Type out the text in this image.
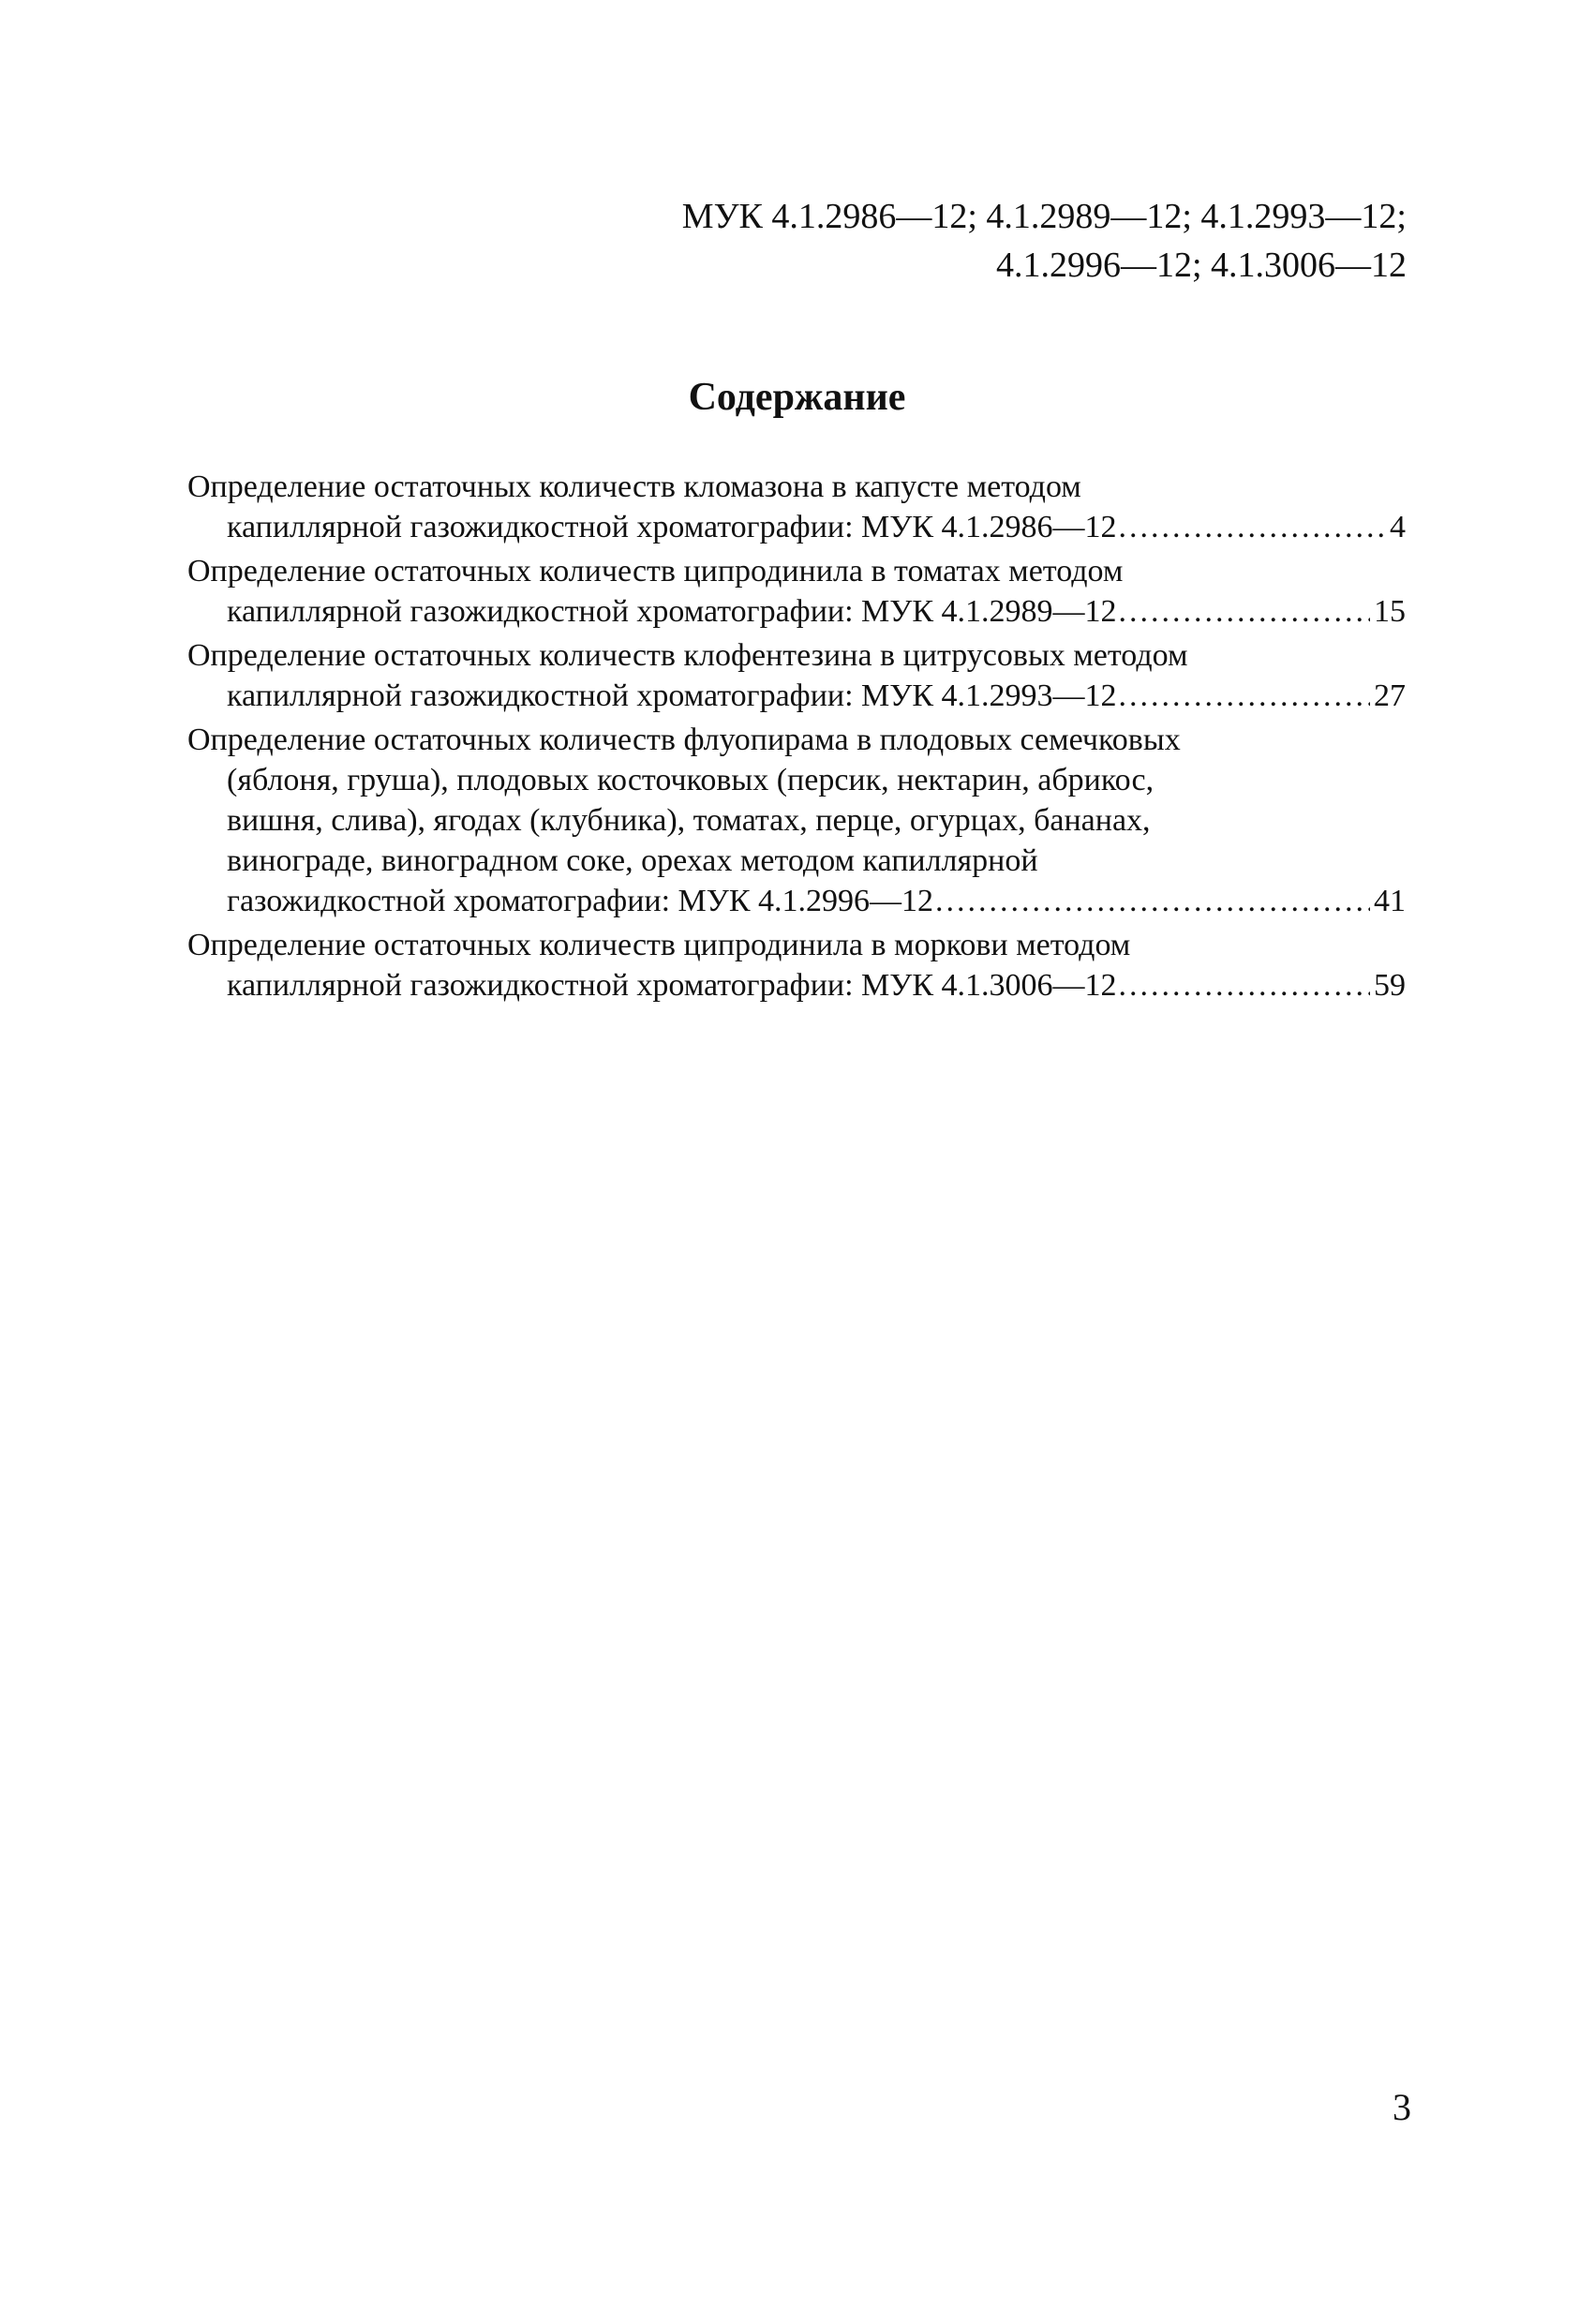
МУК 4.1.2986—12; 4.1.2989—12; 4.1.2993—12;
4.1.2996—12; 4.1.3006—12
Содержание
Определение остаточных количеств кломазона в капусте методом
капиллярной газожидкостной хроматографии: МУК 4.1.2986—12 .....	4
Определение остаточных количеств ципродинила в томатах методом
капиллярной газожидкостной хроматографии: МУК 4.1.2989—12 .....	15
Определение остаточных количеств клофентезина в цитрусовых методом
капиллярной газожидкостной хроматографии: МУК 4.1.2993—12 .....	27
Определение остаточных количеств флуопирама в плодовых семечковых
(яблоня, груша), плодовых косточковых (персик, нектарин, абрикос,
вишня, слива), ягодах (клубника), томатах, перце, огурцах, бананах,
винограде, виноградном соке, орехах методом капиллярной
газожидкостной хроматографии: МУК 4.1.2996—12 .....	41
Определение остаточных количеств ципродинила в моркови методом
капиллярной газожидкостной хроматографии: МУК 4.1.3006—12 .....	59
3
